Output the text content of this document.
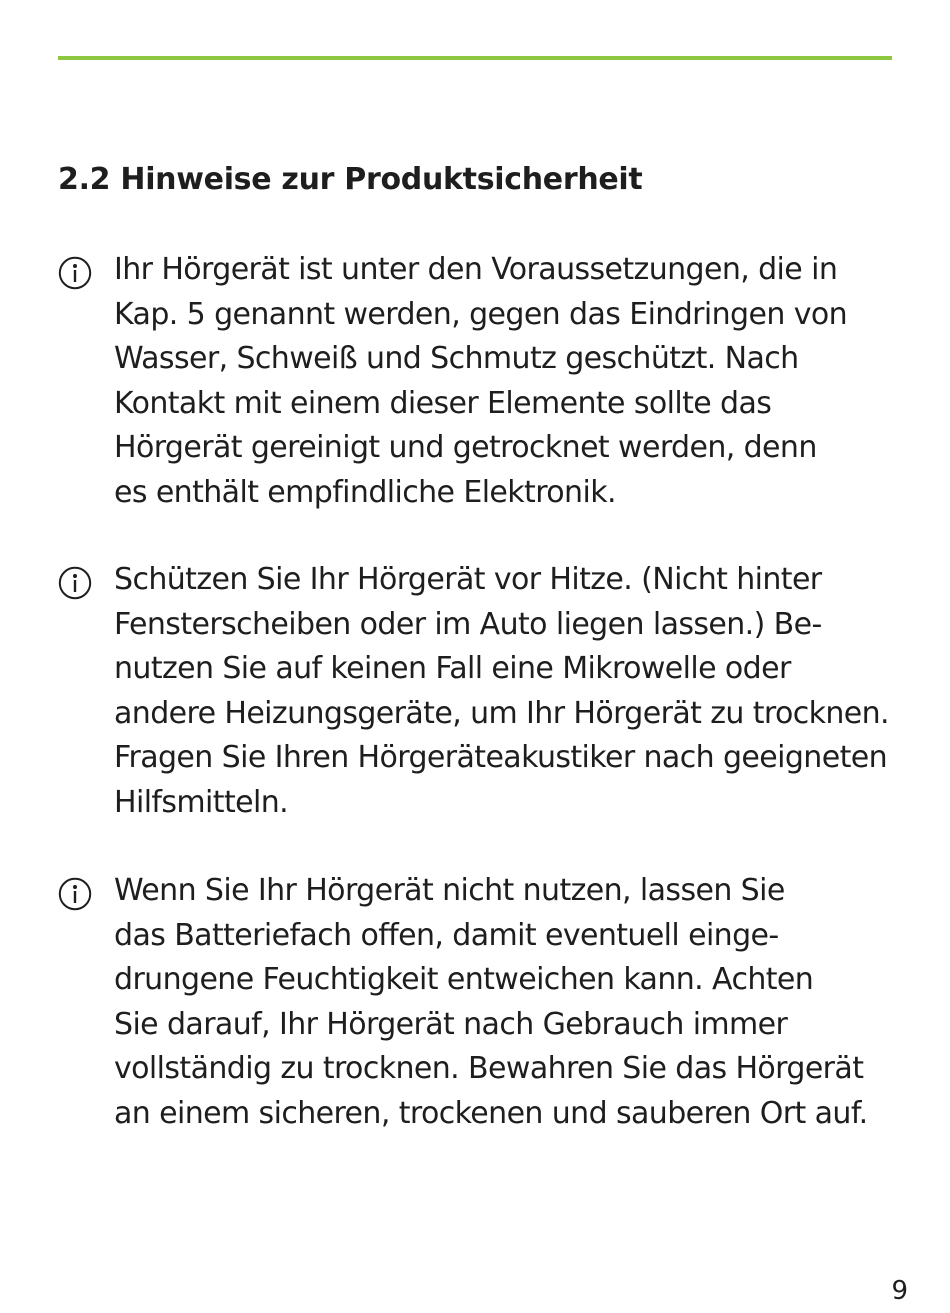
2.2 Hinweise zur Produktsicherheit
Ihr Hörgerät ist unter den Voraussetzungen, die in
Kap. 5 genannt werden, gegen das Eindringen von
Wasser, Schweiß und Schmutz geschützt. Nach
Kontakt mit einem dieser Elemente sollte das
Hörgerät gereinigt und getrocknet werden, denn
es enthält empfindliche Elektronik.
Schützen Sie Ihr Hörgerät vor Hitze. (Nicht hinter
Fensterscheiben oder im Auto liegen lassen.) Be-
nutzen Sie auf keinen Fall eine Mikrowelle oder
andere Heizungsgeräte, um Ihr Hörgerät zu trocknen.
Fragen Sie Ihren Hörgeräteakustiker nach geeigneten
Hilfsmitteln.
Wenn Sie Ihr Hörgerät nicht nutzen, lassen Sie
das Batteriefach offen, damit eventuell einge-
drungene Feuchtigkeit entweichen kann. Achten
Sie darauf, Ihr Hörgerät nach Gebrauch immer
vollständig zu trocknen. Bewahren Sie das Hörgerät
an einem sicheren, trockenen und sauberen Ort auf.
9
